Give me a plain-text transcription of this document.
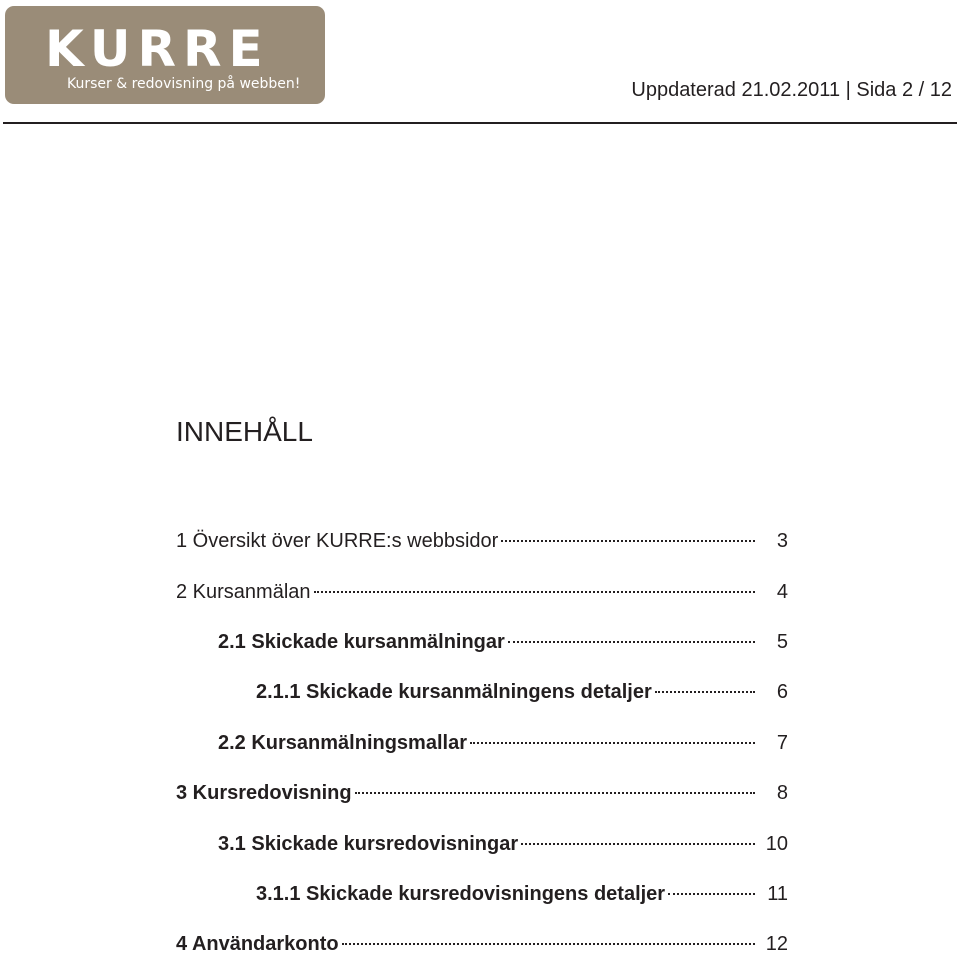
KURRE
Kurser & redovisning på webben!	Uppdaterad 21.02.2011 | Sida 2 / 12
INNEHÅLL
1 Översikt över KURRE:s webbsidor	3
2 Kursanmälan	4
2.1 Skickade kursanmälningar	5
2.1.1 Skickade kursanmälningens detaljer	6
2.2 Kursanmälningsmallar	7
3 Kursredovisning	8
3.1 Skickade kursredovisningar	10
3.1.1 Skickade kursredovisningens detaljer	11
4 Användarkonto	12
